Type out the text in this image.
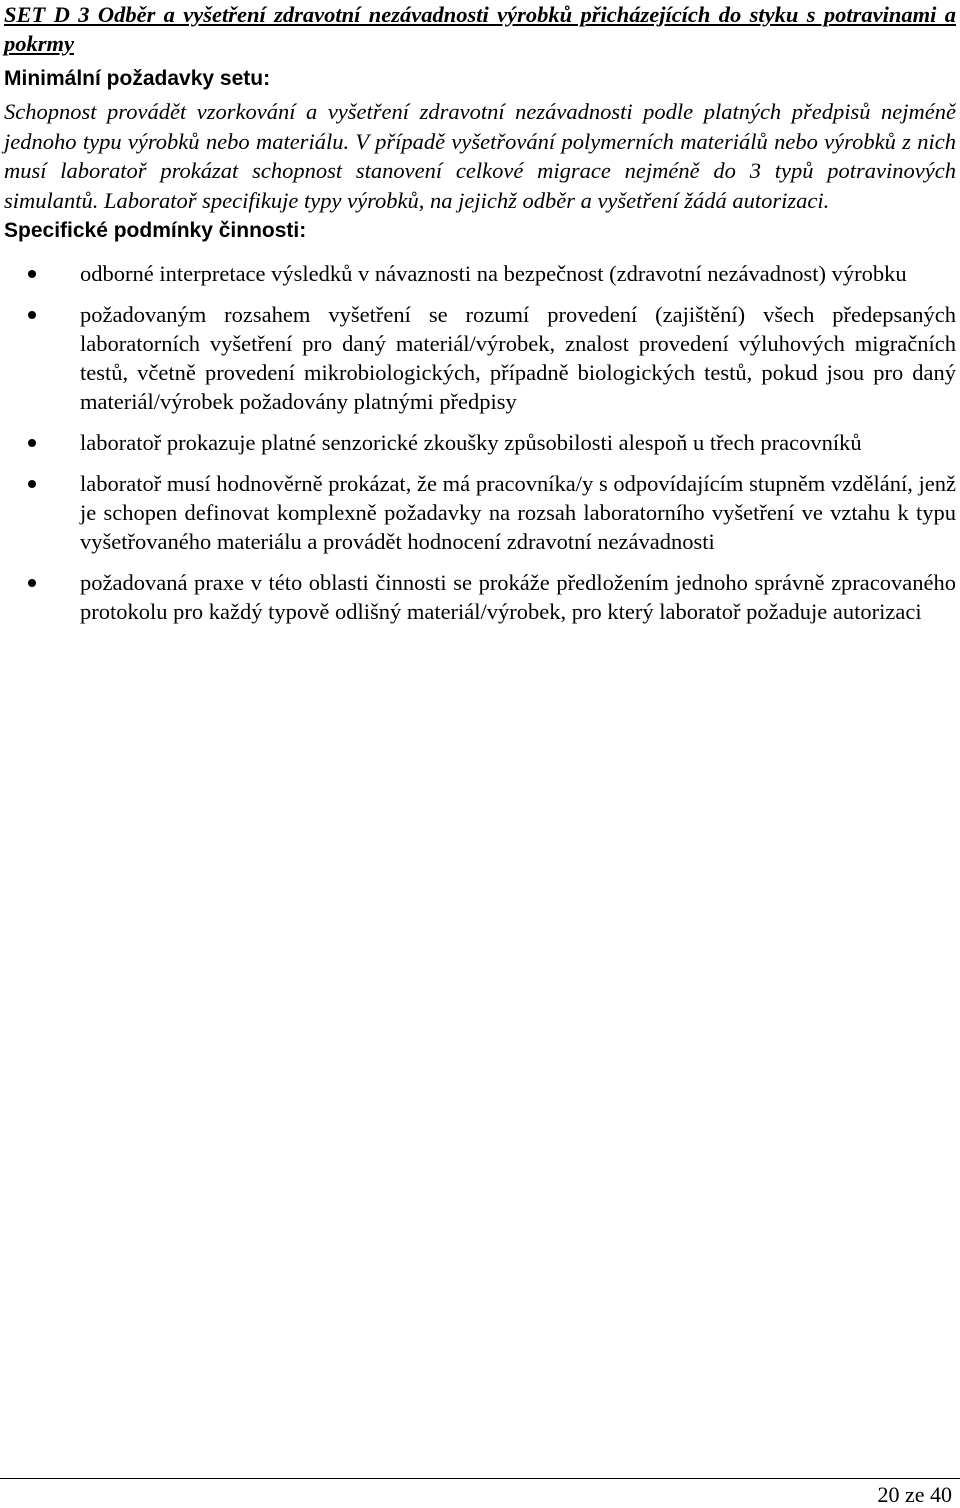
SET D 3 Odběr a vyšetření zdravotní nezávadnosti výrobků přicházejících do styku s potravinami a pokrmy

Minimální požadavky setu:

Schopnost provádět vzorkování a vyšetření zdravotní nezávadnosti podle platných předpisů nejméně jednoho typu výrobků nebo materiálu. V případě vyšetřování polymerních materiálů nebo výrobků z nich musí laboratoř prokázat schopnost stanovení celkové migrace nejméně do 3 typů potravinových simulantů. Laboratoř specifikuje typy výrobků, na jejichž odběr a vyšetření žádá autorizaci.

Specifické podmínky činnosti:

odborné interpretace výsledků v návaznosti na bezpečnost (zdravotní nezávadnost) výrobku
požadovaným rozsahem vyšetření se rozumí provedení (zajištění) všech předepsaných laboratorních vyšetření pro daný materiál/výrobek, znalost provedení výluhových migračních testů, včetně provedení mikrobiologických, případně biologických testů, pokud jsou pro daný materiál/výrobek požadovány platnými předpisy
laboratoř prokazuje platné senzorické zkoušky způsobilosti alespoň u třech pracovníků
laboratoř musí hodnověrně prokázat, že má pracovníka/y s odpovídajícím stupněm vzdělání, jenž je schopen definovat komplexně požadavky na rozsah laboratorního vyšetření ve vztahu k typu vyšetřovaného materiálu a provádět hodnocení zdravotní nezávadnosti
požadovaná praxe v této oblasti činnosti se prokáže předložením jednoho správně zpracovaného protokolu pro každý typově odlišný materiál/výrobek, pro který laboratoř požaduje autorizaci
20 ze 40
